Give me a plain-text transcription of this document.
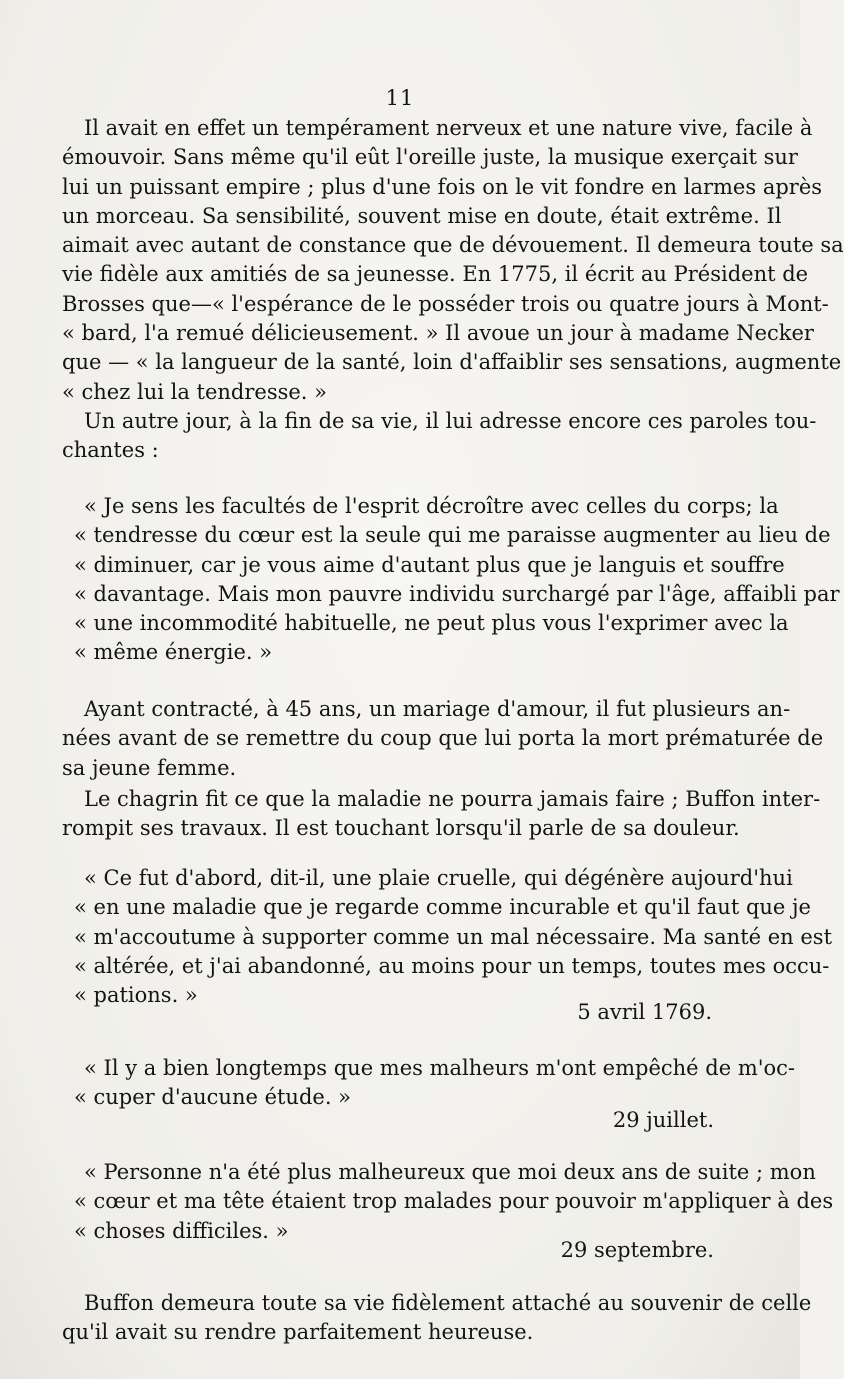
11
Il avait en effet un tempérament nerveux et une nature vive, facile à
émouvoir. Sans même qu'il eût l'oreille juste, la musique exerçait sur
lui un puissant empire ; plus d'une fois on le vit fondre en larmes après
un morceau. Sa sensibilité, souvent mise en doute, était extrême. Il
aimait avec autant de constance que de dévouement. Il demeura toute sa
vie fidèle aux amitiés de sa jeunesse. En 1775, il écrit au Président de
Brosses que—« l'espérance de le posséder trois ou quatre jours à Mont-
« bard, l'a remué délicieusement. » Il avoue un jour à madame Necker
que — « la langueur de la santé, loin d'affaiblir ses sensations, augmente
« chez lui la tendresse. »
Un autre jour, à la fin de sa vie, il lui adresse encore ces paroles tou-
chantes :
« Je sens les facultés de l'esprit décroître avec celles du corps; la
« tendresse du cœur est la seule qui me paraisse augmenter au lieu de
« diminuer, car je vous aime d'autant plus que je languis et souffre
« davantage. Mais mon pauvre individu surchargé par l'âge, affaibli par
« une incommodité habituelle, ne peut plus vous l'exprimer avec la
« même énergie. »
Ayant contracté, à 45 ans, un mariage d'amour, il fut plusieurs an-
nées avant de se remettre du coup que lui porta la mort prématurée de
sa jeune femme.
Le chagrin fit ce que la maladie ne pourra jamais faire ; Buffon inter-
rompit ses travaux. Il est touchant lorsqu'il parle de sa douleur.
« Ce fut d'abord, dit-il, une plaie cruelle, qui dégénère aujourd'hui
« en une maladie que je regarde comme incurable et qu'il faut que je
« m'accoutume à supporter comme un mal nécessaire. Ma santé en est
« altérée, et j'ai abandonné, au moins pour un temps, toutes mes occu-
« pations. »
5 avril 1769.
« Il y a bien longtemps que mes malheurs m'ont empêché de m'oc-
« cuper d'aucune étude. »
29 juillet.
« Personne n'a été plus malheureux que moi deux ans de suite ; mon
« cœur et ma tête étaient trop malades pour pouvoir m'appliquer à des
« choses difficiles. »
29 septembre.
Buffon demeura toute sa vie fidèlement attaché au souvenir de celle
qu'il avait su rendre parfaitement heureuse.
